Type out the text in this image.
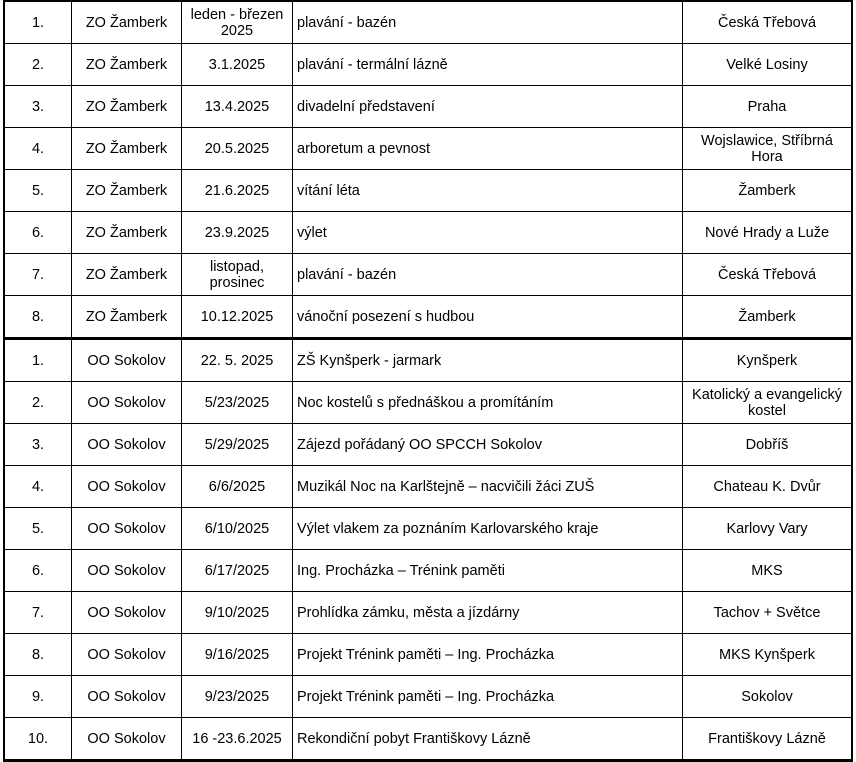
1.	ZO Žamberk	leden - březen 2025	plavání - bazén	Česká Třebová
2.	ZO Žamberk	3.1.2025	plavání - termální lázně	Velké Losiny
3.	ZO Žamberk	13.4.2025	divadelní představení	Praha
4.	ZO Žamberk	20.5.2025	arboretum a pevnost	Wojslawice, Stříbrná Hora
5.	ZO Žamberk	21.6.2025	vítání léta	Žamberk
6.	ZO Žamberk	23.9.2025	výlet	Nové Hrady a Luže
7.	ZO Žamberk	listopad, prosinec	plavání - bazén	Česká Třebová
8.	ZO Žamberk	10.12.2025	vánoční posezení s hudbou	Žamberk
1.	OO Sokolov	22. 5. 2025	ZŠ Kynšperk - jarmark	Kynšperk
2.	OO Sokolov	5/23/2025	Noc kostelů s přednáškou a promítáním	Katolický a evangelický kostel
3.	OO Sokolov	5/29/2025	Zájezd pořádaný OO SPCCH Sokolov	Dobříš
4.	OO Sokolov	6/6/2025	Muzikál Noc na Karlštejně – nacvičili žáci ZUŠ	Chateau K. Dvůr
5.	OO Sokolov	6/10/2025	Výlet vlakem za poznáním Karlovarského kraje	Karlovy Vary
6.	OO Sokolov	6/17/2025	Ing. Procházka – Trénink paměti	MKS
7.	OO Sokolov	9/10/2025	Prohlídka zámku, města a jízdárny	Tachov + Světce
8.	OO Sokolov	9/16/2025	Projekt Trénink paměti – Ing. Procházka	MKS Kynšperk
9.	OO Sokolov	9/23/2025	Projekt Trénink paměti – Ing. Procházka	Sokolov
10.	OO Sokolov	16 -23.6.2025	Rekondiční pobyt Františkovy Lázně	Františkovy Lázně
